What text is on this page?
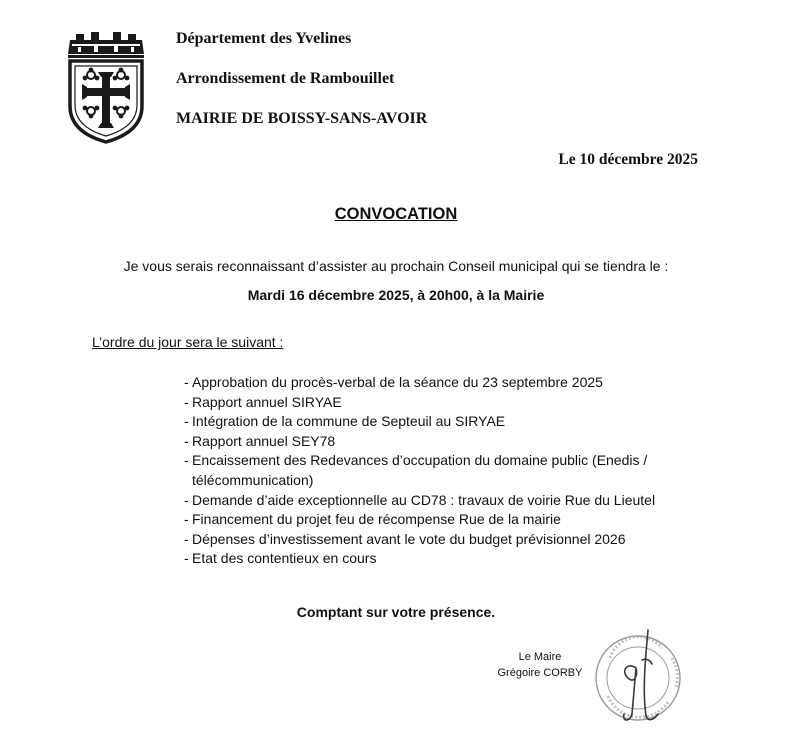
Département des Yvelines

Arrondissement de Rambouillet

MAIRIE DE BOISSY-SANS-AVOIR

Le 10 décembre 2025
CONVOCATION
Je vous serais reconnaissant d’assister au prochain Conseil municipal qui se tiendra le :
Mardi 16 décembre 2025, à 20h00, à la Mairie
L’ordre du jour sera le suivant :
- Approbation du procès-verbal de la séance du 23 septembre 2025
- Rapport annuel SIRYAE
- Intégration de la commune de Septeuil au SIRYAE
- Rapport annuel SEY78
- Encaissement des Redevances d’occupation du domaine public (Enedis / télécommunication)
- Demande d’aide exceptionnelle au CD78 : travaux de voirie Rue du Lieutel
- Financement du projet feu de récompense Rue de la mairie
- Dépenses d’investissement avant le vote du budget prévisionnel 2026
- Etat des contentieux en cours
Comptant sur votre présence.
Le Maire
Grégoire CORBY
